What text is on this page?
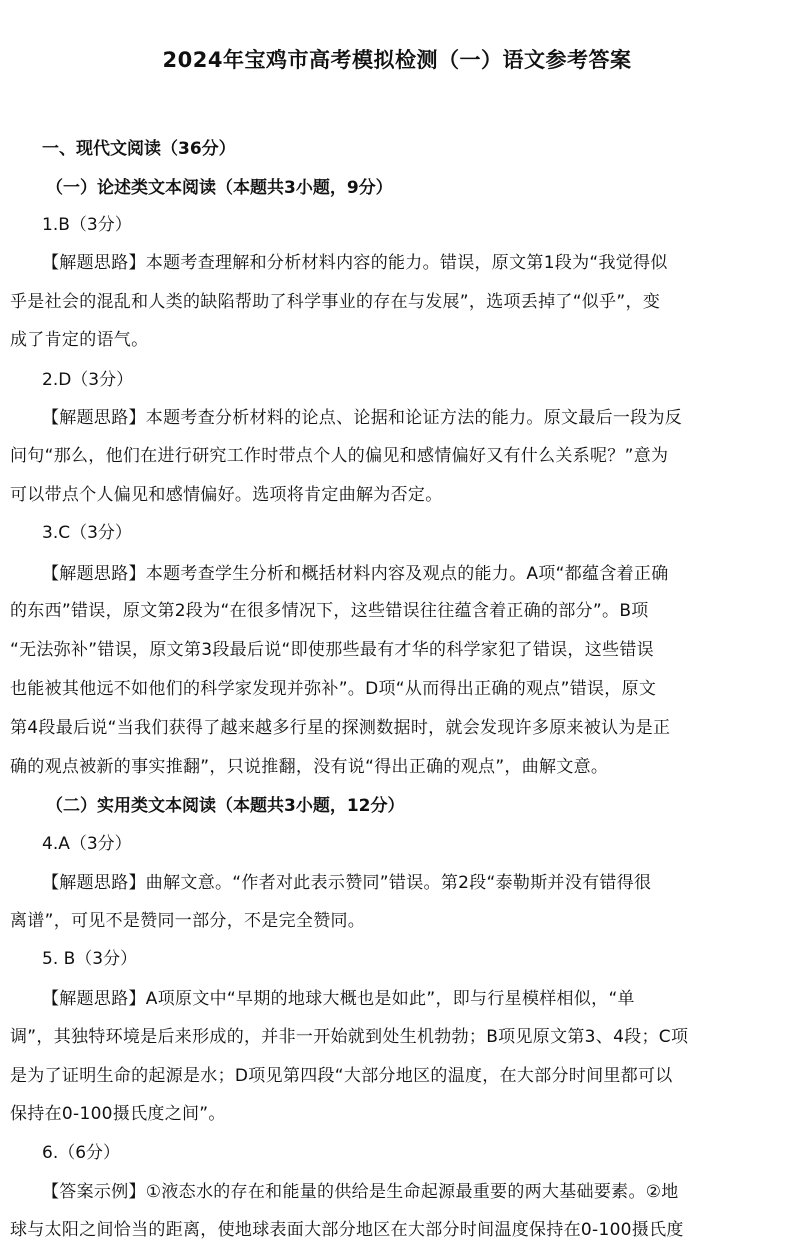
2024年宝鸡市高考模拟检测（一）语文参考答案
一、现代文阅读（36分）
（一）论述类文本阅读（本题共3小题，9分）
1.B（3分）
【解题思路】本题考查理解和分析材料内容的能力。错误，原文第1段为“我觉得似
乎是社会的混乱和人类的缺陷帮助了科学事业的存在与发展”，选项丢掉了“似乎”，变
成了肯定的语气。
2.D（3分）
【解题思路】本题考查分析材料的论点、论据和论证方法的能力。原文最后一段为反
问句“那么，他们在进行研究工作时带点个人的偏见和感情偏好又有什么关系呢？”意为
可以带点个人偏见和感情偏好。选项将肯定曲解为否定。
3.C（3分）
【解题思路】本题考查学生分析和概括材料内容及观点的能力。A项“都蕴含着正确
的东西”错误，原文第2段为“在很多情况下，这些错误往往蕴含着正确的部分”。B项
“无法弥补”错误，原文第3段最后说“即使那些最有才华的科学家犯了错误，这些错误
也能被其他远不如他们的科学家发现并弥补”。D项“从而得出正确的观点”错误，原文
第4段最后说“当我们获得了越来越多行星的探测数据时，就会发现许多原来被认为是正
确的观点被新的事实推翻”，只说推翻，没有说“得出正确的观点”，曲解文意。
（二）实用类文本阅读（本题共3小题，12分）
4.A（3分）
【解题思路】曲解文意。“作者对此表示赞同”错误。第2段“泰勒斯并没有错得很
离谱”，可见不是赞同一部分，不是完全赞同。
5. B（3分）
【解题思路】A项原文中“早期的地球大概也是如此”，即与行星模样相似，“单
调”，其独特环境是后来形成的，并非一开始就到处生机勃勃；B项见原文第3、4段；C项
是为了证明生命的起源是水；D项见第四段“大部分地区的温度，在大部分时间里都可以
保持在0-100摄氏度之间”。
6.（6分）
【答案示例】①液态水的存在和能量的供给是生命起源最重要的两大基础要素。②地
球与太阳之间恰当的距离，使地球表面大部分地区在大部分时间温度保持在0-100摄氏度
